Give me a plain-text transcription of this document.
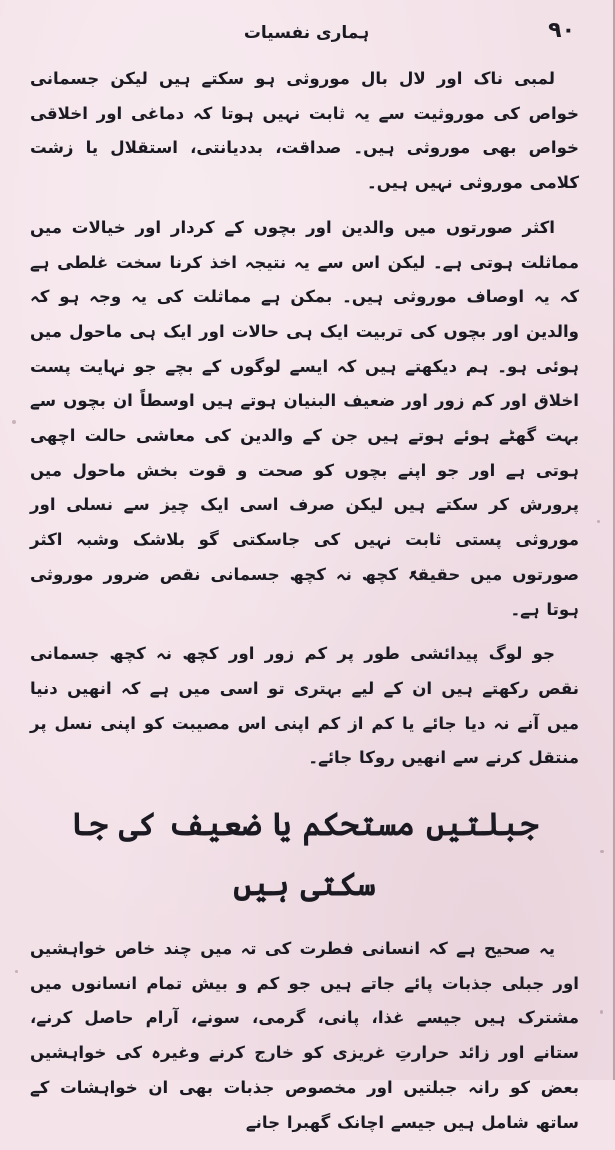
۹۰
ہماری نفسیات

لمبی ناک اور لال بال موروثی ہو سکتے ہیں لیکن جسمانی خواص کی موروثیت سے یہ ثابت نہیں ہوتا کہ دماغی اور اخلاقی خواص بھی موروثی ہیں۔ صداقت، بددیانتی، استقلال یا زشت کلامی موروثی نہیں ہیں۔

اکثر صورتوں میں والدین اور بچوں کے کردار اور خیالات میں مماثلت ہوتی ہے۔ لیکن اس سے یہ نتیجہ اخذ کرنا سخت غلطی ہے کہ یہ اوصاف موروثی ہیں۔ بمکن ہے مماثلت کی یہ وجہ ہو کہ والدین اور بچوں کی تربیت ایک ہی حالات اور ایک ہی ماحول میں ہوئی ہو۔ ہم دیکھتے ہیں کہ ایسے لوگوں کے بچے جو نہایت پست اخلاق اور کم زور اور ضعیف البنیان ہوتے ہیں اوسطاً ان بچوں سے بہت گھٹے ہوئے ہوتے ہیں جن کے والدین کی معاشی حالت اچھی ہوتی ہے اور جو اپنے بچوں کو صحت و قوت بخش ماحول میں پرورش کر سکتے ہیں لیکن صرف اسی ایک چیز سے نسلی اور موروثی پستی ثابت نہیں کی جاسکتی گو بلاشک وشبہ اکثر صورتوں میں حقیقۃً کچھ نہ کچھ جسمانی نقص ضرور موروثی ہوتا ہے۔

جو لوگ پیدائشی طور پر کم زور اور کچھ نہ کچھ جسمانی نقص رکھتے ہیں ان کے لیے بہتری تو اسی میں ہے کہ انھیں دنیا میں آنے نہ دیا جائے یا کم از کم اپنی اس مصیبت کو اپنی نسل پر منتقل کرنے سے انھیں روکا جائے۔

جبلتیں مستحکم یا ضعیف کی جا سکتی ہیں

یہ صحیح ہے کہ انسانی فطرت کی تہ میں چند خاص خواہشیں اور جبلی جذبات پائے جاتے ہیں جو کم و بیش تمام انسانوں میں مشترک ہیں جیسے غذا، پانی، گرمی، سونے، آرام حاصل کرنے، ستانے اور زائد حرارتِ غریزی کو خارج کرنے وغیرہ کی خواہشیں بعض کو رانہ جبلتیں اور مخصوص جذبات بھی ان خواہشات کے ساتھ شامل ہیں جیسے اچانک گھبرا جانے
